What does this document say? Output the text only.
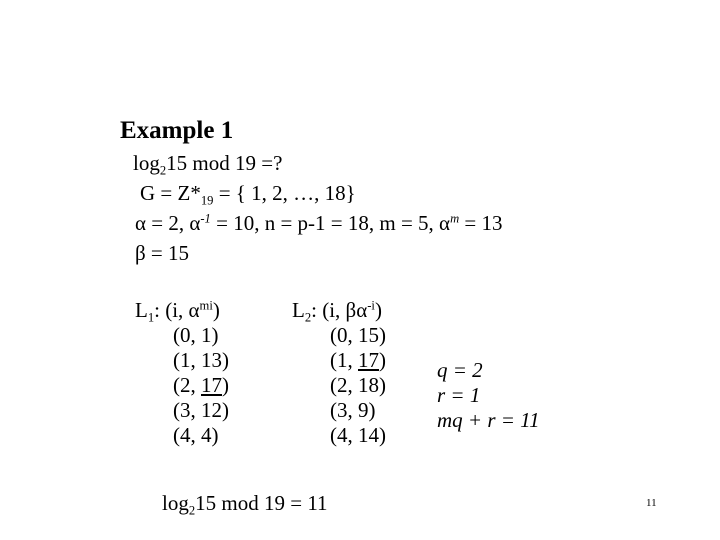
Example 1
$\log_215$ mod 19 =?
$G = Z*_{19}$ = { 1, 2, …, 18}
α = 2, $\alpha^{-1} = 10$, n = p-1 = 18, m = 5, $\alpha^m = 13$
β = 15
$L_1$: (i, $\alpha^{mi}$)
(0, 1)
(1, 13)
(2, 17)
(3, 12)
(4, 4)
$L_2$: (i, $\beta\alpha^{-i}$)
(0, 15)
(1, 17)
(2, 18)
(3, 9)
(4, 14)
q = 2
r = 1
mq + r = 11
$\log_215$ mod 19 = 11	11
